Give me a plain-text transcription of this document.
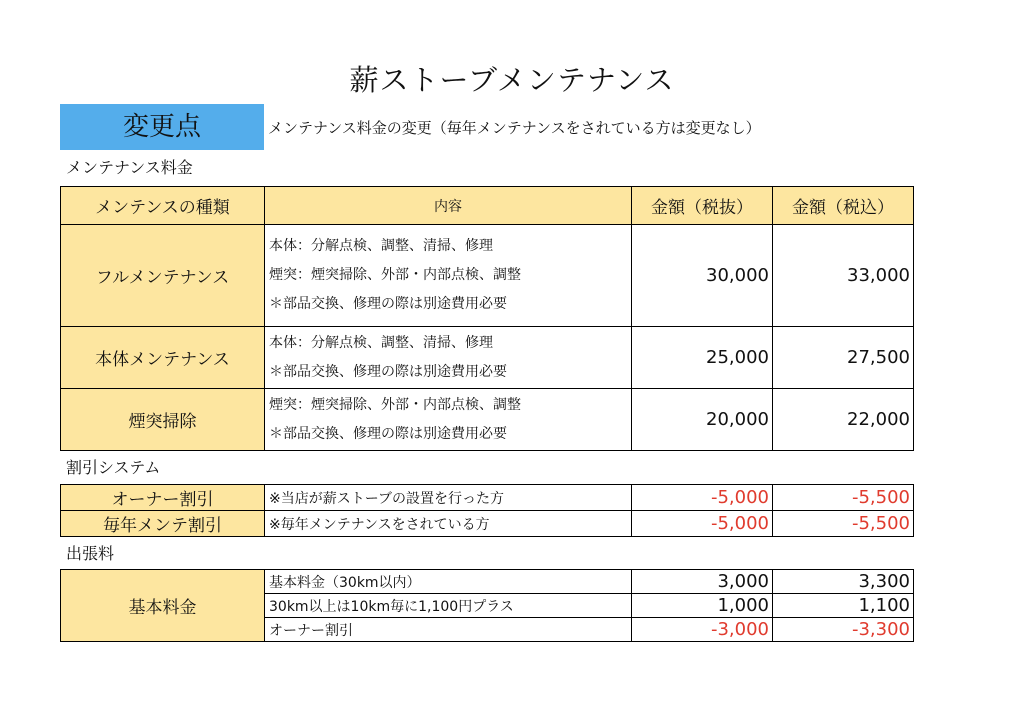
薪ストーブメンテナンス
変更点	メンテナンス料金の変更（毎年メンテナンスをされている方は変更なし）
メンテナンス料金
メンテンスの種類	内容	金額（税抜）	金額（税込）
フルメンテナンス	本体：分解点検、調整、清掃、修理
煙突：煙突掃除、外部・内部点検、調整
＊部品交換、修理の際は別途費用必要	30,000	33,000
本体メンテナンス	本体：分解点検、調整、清掃、修理
＊部品交換、修理の際は別途費用必要	25,000	27,500
煙突掃除	煙突：煙突掃除、外部・内部点検、調整
＊部品交換、修理の際は別途費用必要	20,000	22,000
割引システム
オーナー割引	※当店が薪ストーブの設置を行った方	-5,000	-5,500
毎年メンテ割引	※毎年メンテナンスをされている方	-5,000	-5,500
出張料
基本料金	基本料金（30km以内）	3,000	3,300
	30km以上は10km毎に1,100円プラス	1,000	1,100
	オーナー割引	-3,000	-3,300
